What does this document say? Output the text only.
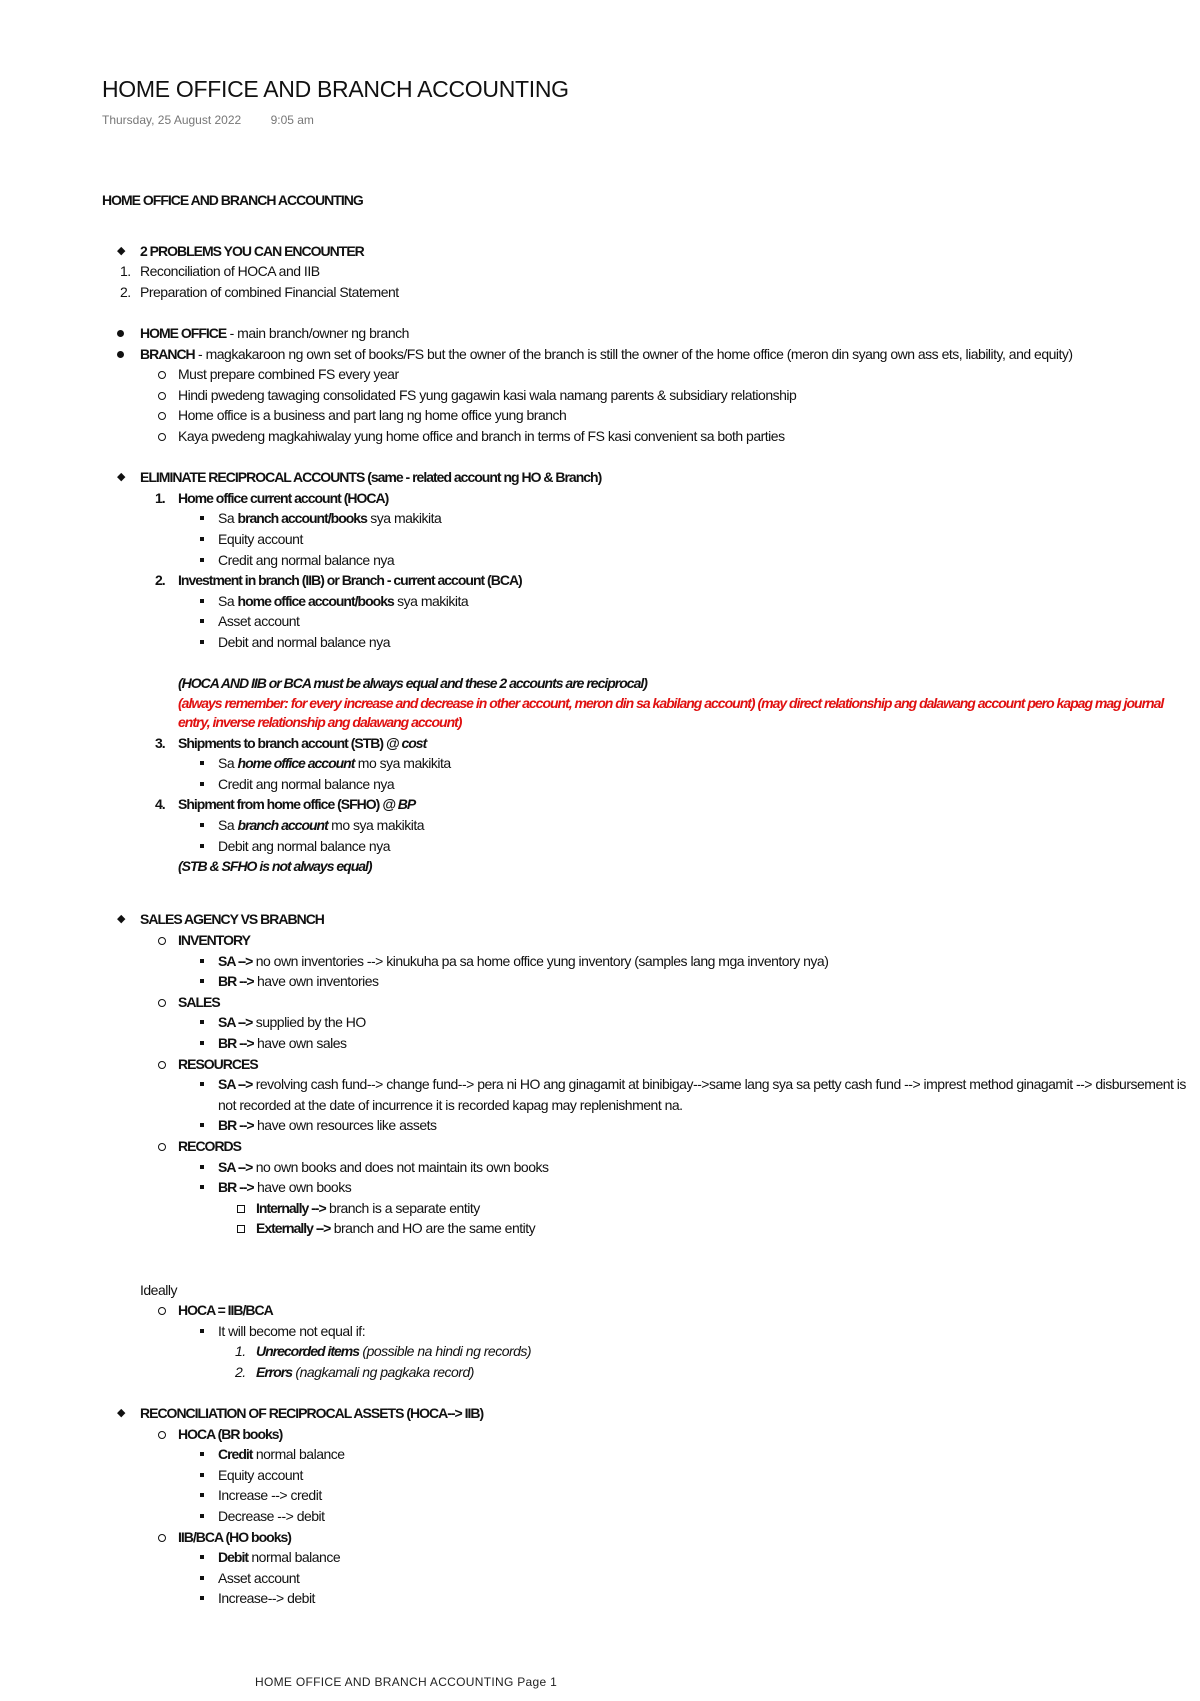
HOME OFFICE AND BRANCH ACCOUNTING
Thursday, 25 August 2022 9:05 am
HOME OFFICE AND BRANCH ACCOUNTING
◆ 2 PROBLEMS YOU CAN ENCOUNTER
1. Reconciliation of HOCA and IIB
2. Preparation of combined Financial Statement
HOME OFFICE - main branch/owner ng branch
BRANCH - magkakaroon ng own set of books/FS but the owner of the branch is still the owner of the home office (meron din syang own ass ets, liability, and equity)
Must prepare combined FS every year
Hindi pwedeng tawaging consolidated FS yung gagawin kasi wala namang parents & subsidiary relationship
Home office is a business and part lang ng home office yung branch
Kaya pwedeng magkahiwalay yung home office and branch in terms of FS kasi convenient sa both parties
◆ ELIMINATE RECIPROCAL ACCOUNTS (same - related account ng HO & Branch)
1. Home office current account (HOCA)
Sa branch account/books sya makikita
Equity account
Credit ang normal balance nya
2. Investment in branch (IIB) or Branch - current account (BCA)
Sa home office account/books sya makikita
Asset account
Debit and normal balance nya
(HOCA AND IIB or BCA must be always equal and these 2 accounts are reciprocal)
(always remember: for every increase and decrease in other account, meron din sa kabilang account) (may direct relationship ang dalawang account pero kapag mag journal entry, inverse relationship ang dalawang account)
3. Shipments to branch account (STB) @ cost
Sa home office account mo sya makikita
Credit ang normal balance nya
4. Shipment from home office (SFHO) @ BP
Sa branch account mo sya makikita
Debit ang normal balance nya
(STB & SFHO is not always equal)
◆ SALES AGENCY VS BRABNCH
INVENTORY
SA --> no own inventories --> kinukuha pa sa home office yung inventory (samples lang mga inventory nya)
BR --> have own inventories
SALES
SA --> supplied by the HO
BR --> have own sales
RESOURCES
SA --> revolving cash fund--> change fund--> pera ni HO ang ginagamit at binibigay-->same lang sya sa petty cash fund --> imprest method ginagamit --> disbursement is not recorded at the date of incurrence it is recorded kapag may replenishment na.
BR --> have own resources like assets
RECORDS
SA --> no own books and does not maintain its own books
BR --> have own books
Internally --> branch is a separate entity
Externally --> branch and HO are the same entity
Ideally
HOCA = IIB/BCA
It will become not equal if:
1. Unrecorded items (possible na hindi ng records)
2. Errors (nagkamali ng pagkaka record)
◆ RECONCILIATION OF RECIPROCAL ASSETS (HOCA--> IIB)
HOCA (BR books)
Credit normal balance
Equity account
Increase --> credit
Decrease --> debit
IIB/BCA (HO books)
Debit normal balance
Asset account
Increase--> debit
HOME OFFICE AND BRANCH ACCOUNTING Page 1
